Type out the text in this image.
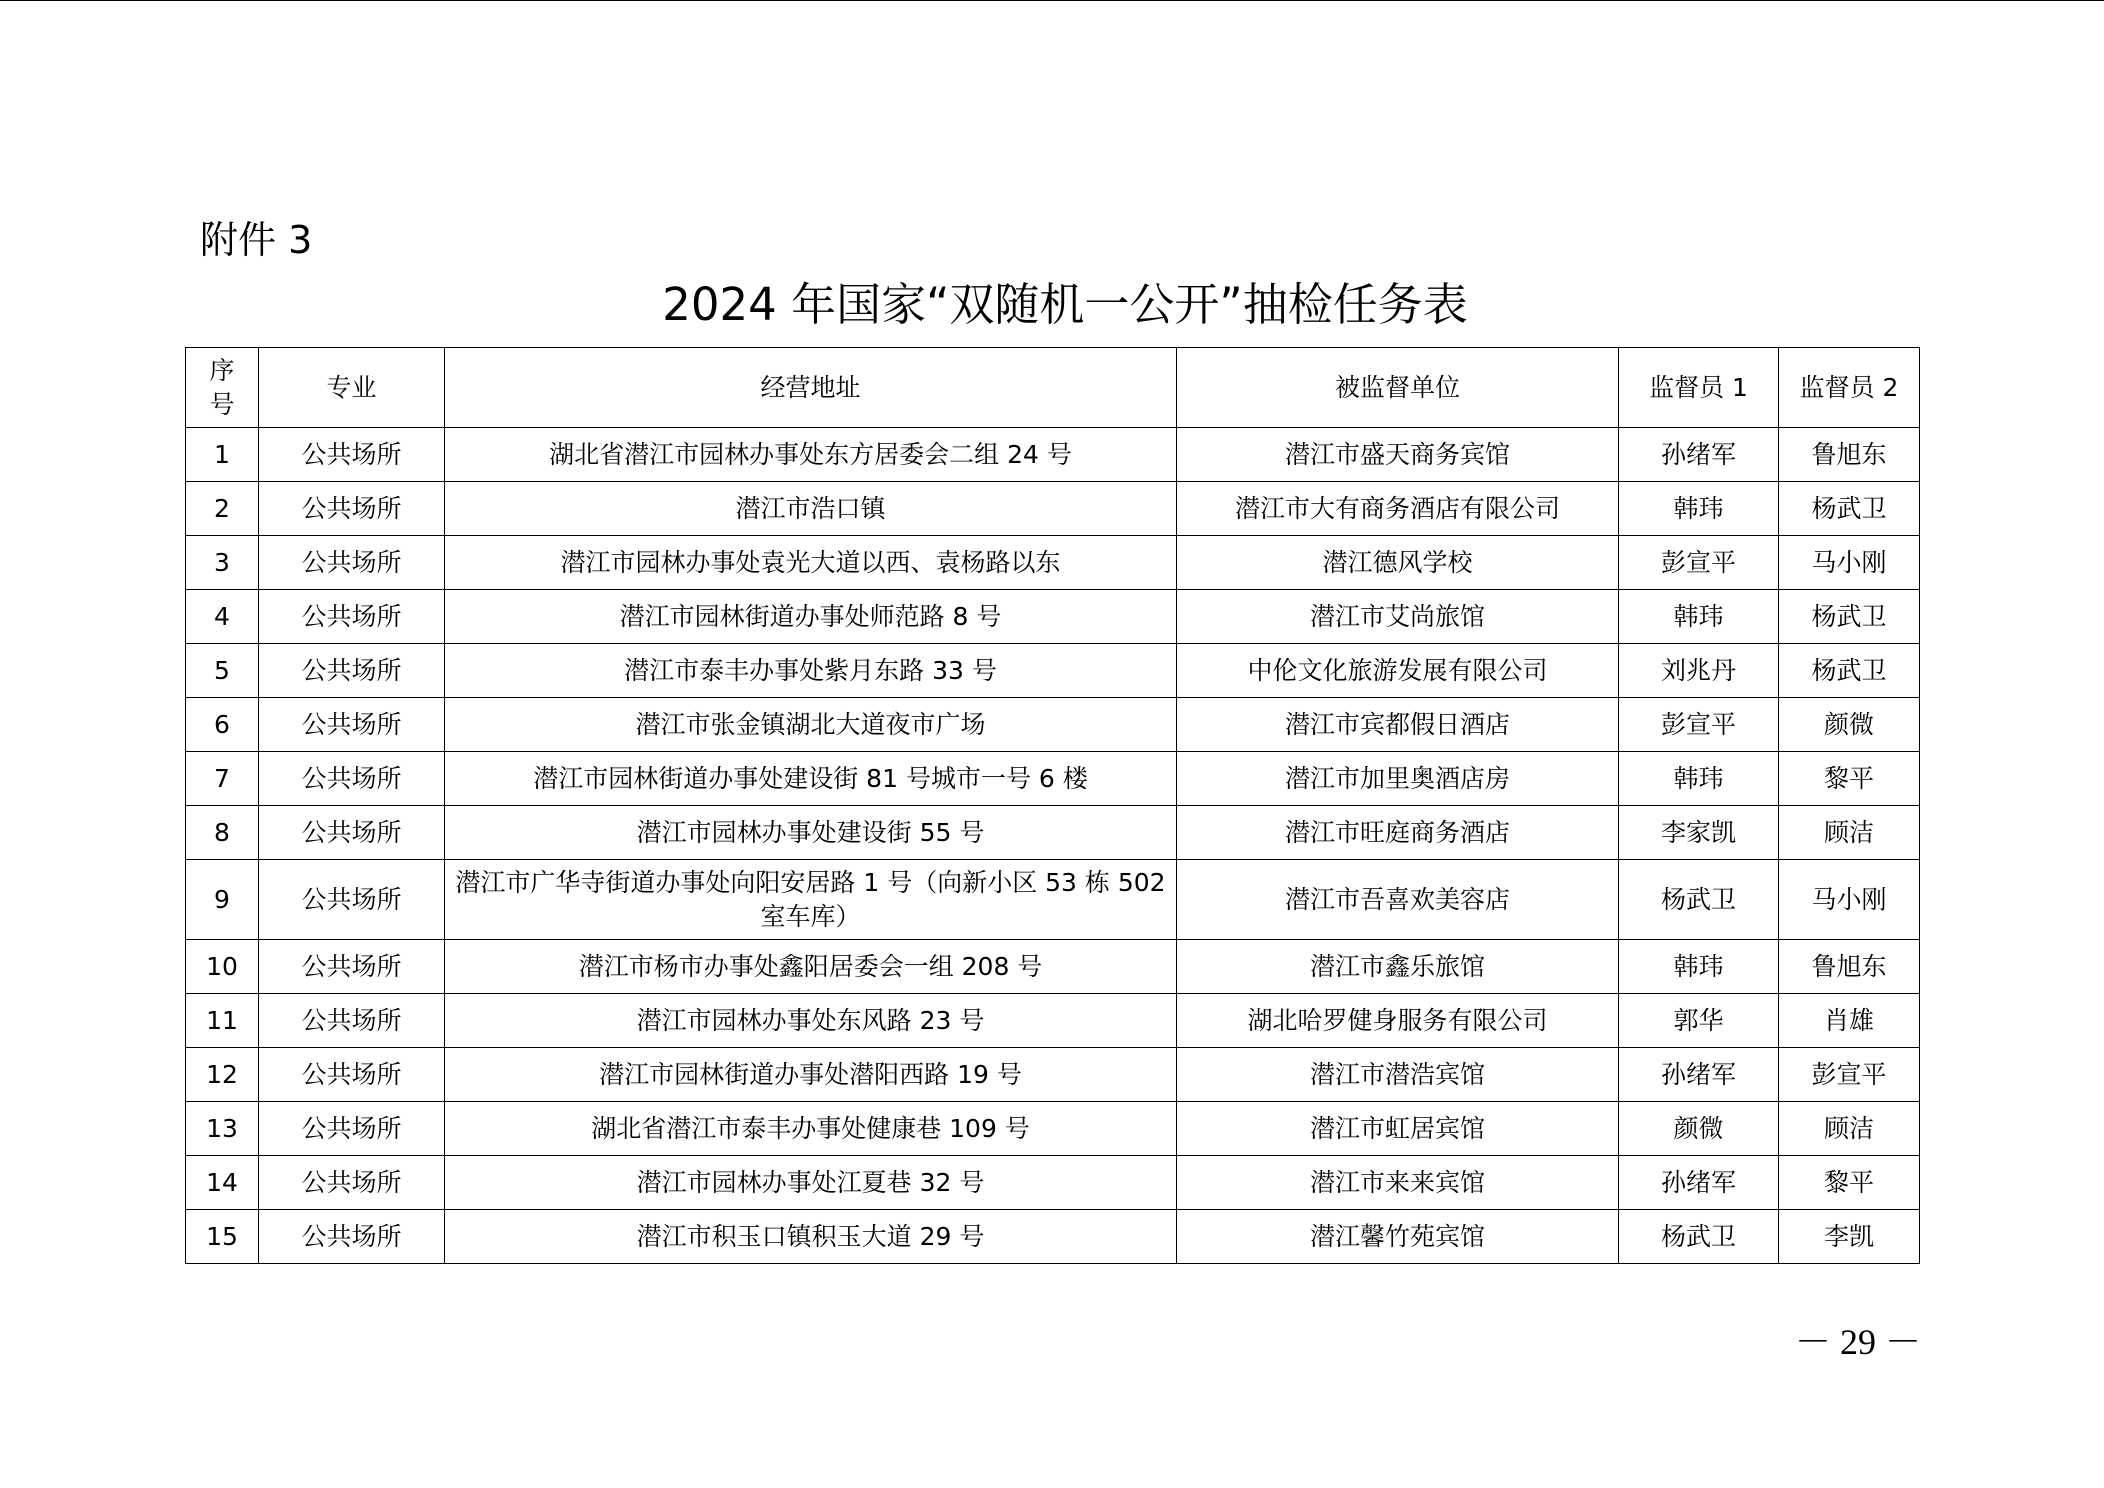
附件 3
2024 年国家“双随机一公开”抽检任务表
序
号	专业	经营地址	被监督单位	监督员 1	监督员 2
1	公共场所	湖北省潜江市园林办事处东方居委会二组 24 号	潜江市盛天商务宾馆	孙绪军	鲁旭东
2	公共场所	潜江市浩口镇	潜江市大有商务酒店有限公司	韩玮	杨武卫
3	公共场所	潜江市园林办事处袁光大道以西、袁杨路以东	潜江德风学校	彭宣平	马小刚
4	公共场所	潜江市园林街道办事处师范路 8 号	潜江市艾尚旅馆	韩玮	杨武卫
5	公共场所	潜江市泰丰办事处紫月东路 33 号	中伦文化旅游发展有限公司	刘兆丹	杨武卫
6	公共场所	潜江市张金镇湖北大道夜市广场	潜江市宾都假日酒店	彭宣平	颜微
7	公共场所	潜江市园林街道办事处建设街 81 号城市一号 6 楼	潜江市加里奥酒店房	韩玮	黎平
8	公共场所	潜江市园林办事处建设街 55 号	潜江市旺庭商务酒店	李家凯	顾洁
9	公共场所	潜江市广华寺街道办事处向阳安居路 1 号（向新小区 53 栋 502 室车库）	潜江市吾喜欢美容店	杨武卫	马小刚
10	公共场所	潜江市杨市办事处鑫阳居委会一组 208 号	潜江市鑫乐旅馆	韩玮	鲁旭东
11	公共场所	潜江市园林办事处东风路 23 号	湖北哈罗健身服务有限公司	郭华	肖雄
12	公共场所	潜江市园林街道办事处潜阳西路 19 号	潜江市潜浩宾馆	孙绪军	彭宣平
13	公共场所	湖北省潜江市泰丰办事处健康巷 109 号	潜江市虹居宾馆	颜微	顾洁
14	公共场所	潜江市园林办事处江夏巷 32 号	潜江市来来宾馆	孙绪军	黎平
15	公共场所	潜江市积玉口镇积玉大道 29 号	潜江馨竹苑宾馆	杨武卫	李凯
－ 29 －
